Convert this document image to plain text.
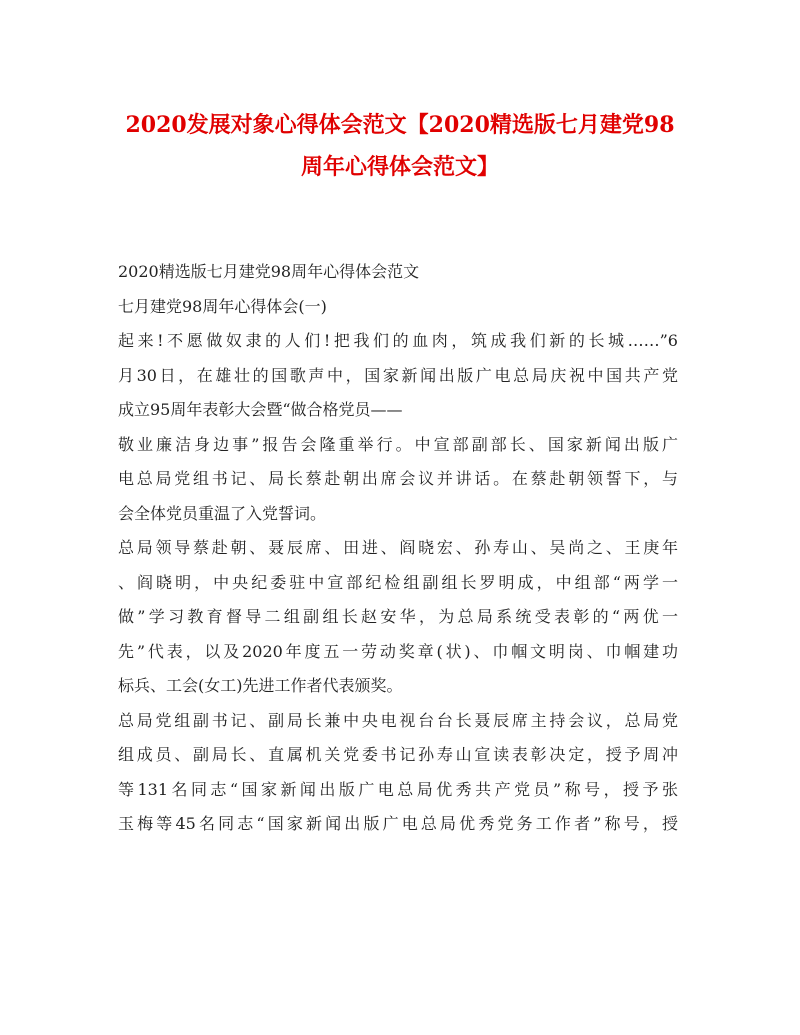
2020发展对象心得体会范文【2020精选版七月建党98
周年心得体会范文】
2020精选版七月建党98周年心得体会范文
七月建党98周年心得体会(一)
起来!不愿做奴隶的人们!把我们的血肉，筑成我们新的长城……”6
月30日，在雄壮的国歌声中，国家新闻出版广电总局庆祝中国共产党
成立95周年表彰大会暨“做合格党员——
敬业廉洁身边事”报告会隆重举行。中宣部副部长、国家新闻出版广
电总局党组书记、局长蔡赴朝出席会议并讲话。在蔡赴朝领誓下，与
会全体党员重温了入党誓词。
总局领导蔡赴朝、聂辰席、田进、阎晓宏、孙寿山、吴尚之、王庚年
、阎晓明，中央纪委驻中宣部纪检组副组长罗明成，中组部“两学一
做”学习教育督导二组副组长赵安华，为总局系统受表彰的“两优一
先”代表，以及2020年度五一劳动奖章(状)、巾帼文明岗、巾帼建功
标兵、工会(女工)先进工作者代表颁奖。
总局党组副书记、副局长兼中央电视台台长聂辰席主持会议，总局党
组成员、副局长、直属机关党委书记孙寿山宣读表彰决定，授予周冲
等131名同志“国家新闻出版广电总局优秀共产党员”称号，授予张
玉梅等45名同志“国家新闻出版广电总局优秀党务工作者”称号，授
